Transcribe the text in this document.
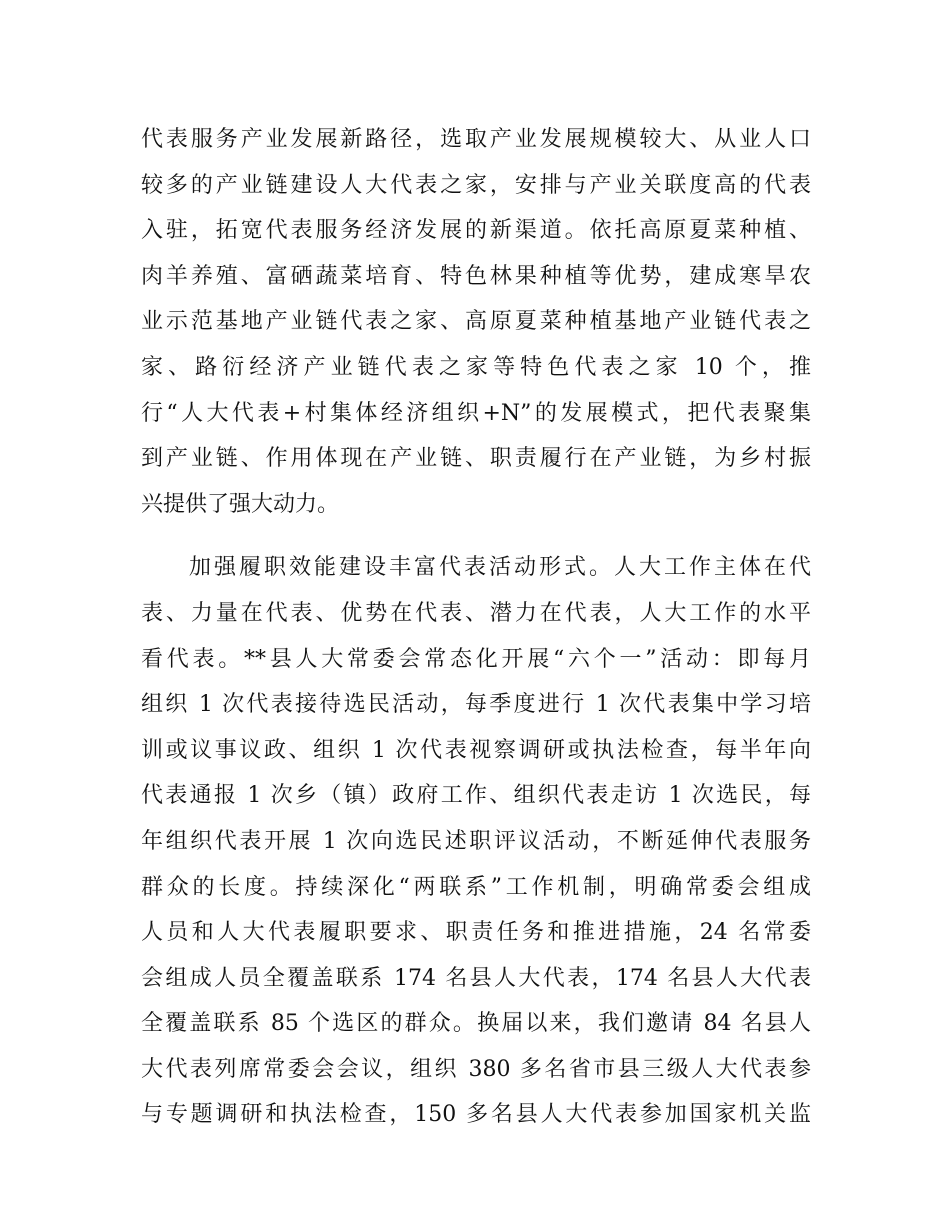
代表服务产业发展新路径，选取产业发展规模较大、从业人口
较多的产业链建设人大代表之家，安排与产业关联度高的代表
入驻，拓宽代表服务经济发展的新渠道。依托高原夏菜种植、
肉羊养殖、富硒蔬菜培育、特色林果种植等优势，建成寒旱农
业示范基地产业链代表之家、高原夏菜种植基地产业链代表之
家、路衍经济产业链代表之家等特色代表之家 10 个，推
行“人大代表+村集体经济组织+N”的发展模式，把代表聚集
到产业链、作用体现在产业链、职责履行在产业链，为乡村振
兴提供了强大动力。
加强履职效能建设丰富代表活动形式。人大工作主体在代
表、力量在代表、优势在代表、潜力在代表，人大工作的水平
看代表。**县人大常委会常态化开展“六个一”活动：即每月
组织 1 次代表接待选民活动，每季度进行 1 次代表集中学习培
训或议事议政、组织 1 次代表视察调研或执法检查，每半年向
代表通报 1 次乡（镇）政府工作、组织代表走访 1 次选民，每
年组织代表开展 1 次向选民述职评议活动，不断延伸代表服务
群众的长度。持续深化“两联系”工作机制，明确常委会组成
人员和人大代表履职要求、职责任务和推进措施，24 名常委
会组成人员全覆盖联系 174 名县人大代表，174 名县人大代表
全覆盖联系 85 个选区的群众。换届以来，我们邀请 84 名县人
大代表列席常委会会议，组织 380 多名省市县三级人大代表参
与专题调研和执法检查，150 多名县人大代表参加国家机关监
